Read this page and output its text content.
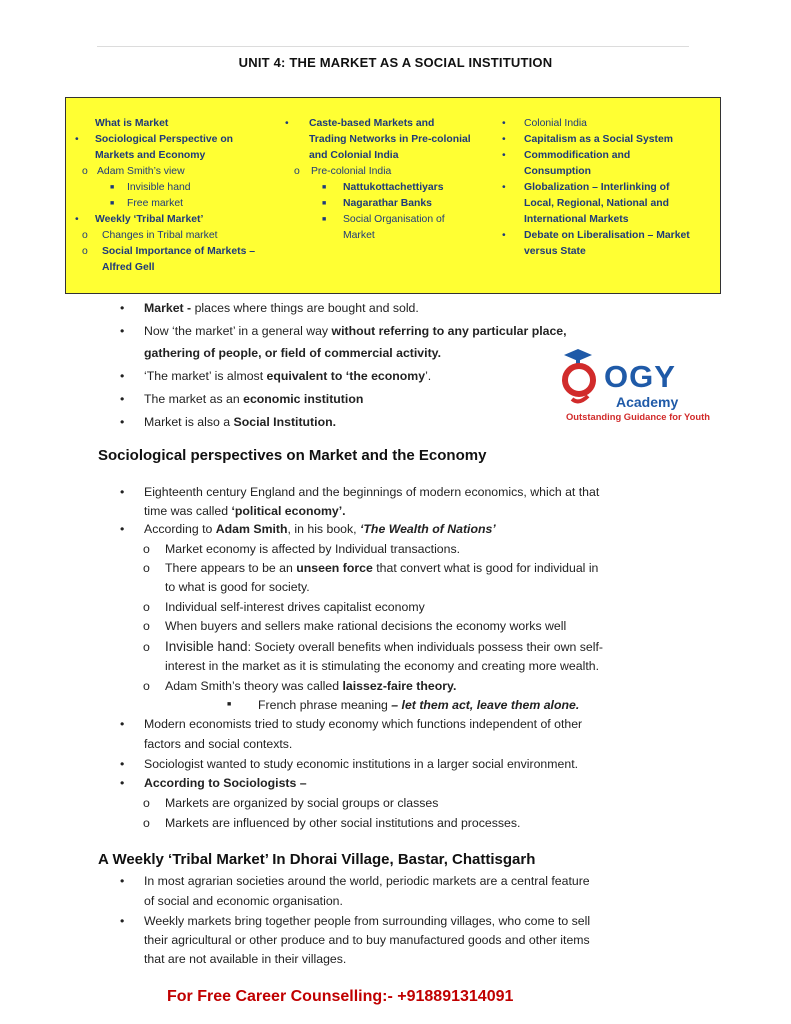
UNIT 4: THE MARKET AS A SOCIAL INSTITUTION
What is Market
• Sociological Perspective on
Markets and Economy
o Adam Smith’s view
■ Invisible hand
■ Free market
• Weekly ‘Tribal Market’
o Changes in Tribal market
o Social Importance of Markets –
Alfred Gell
• Caste-based Markets and
Trading Networks in Pre-colonial
and Colonial India
o Pre-colonial India
■ Nattukottachettiyars
■ Nagarathar Banks
■ Social Organisation of
Market
• Colonial India
• Capitalism as a Social System
• Commodification and
Consumption
• Globalization – Interlinking of
Local, Regional, National and
International Markets
• Debate on Liberalisation – Market
versus State
• Market - places where things are bought and sold.
• Now ‘the market’ in a general way without referring to any particular place,
gathering of people, or field of commercial activity.
• ‘The market’ is almost equivalent to ‘the economy’.
• The market as an economic institution
• Market is also a Social Institution.
OGY
Academy
Outstanding Guidance for Youth
Sociological perspectives on Market and the Economy
• Eighteenth century England and the beginnings of modern economics, which at that
time was called ‘political economy’.
• According to Adam Smith, in his book, ‘The Wealth of Nations’
o Market economy is affected by Individual transactions.
o There appears to be an unseen force that convert what is good for individual in
to what is good for society.
o Individual self-interest drives capitalist economy
o When buyers and sellers make rational decisions the economy works well
o Invisible hand: Society overall benefits when individuals possess their own self-
interest in the market as it is stimulating the economy and creating more wealth.
o Adam Smith’s theory was called laissez-faire theory.
■ French phrase meaning – let them act, leave them alone.
• Modern economists tried to study economy which functions independent of other
factors and social contexts.
• Sociologist wanted to study economic institutions in a larger social environment.
• According to Sociologists –
o Markets are organized by social groups or classes
o Markets are influenced by other social institutions and processes.
A Weekly ‘Tribal Market’ In Dhorai Village, Bastar, Chattisgarh
• In most agrarian societies around the world, periodic markets are a central feature
of social and economic organisation.
• Weekly markets bring together people from surrounding villages, who come to sell
their agricultural or other produce and to buy manufactured goods and other items
that are not available in their villages.
For Free Career Counselling:- +918891314091
